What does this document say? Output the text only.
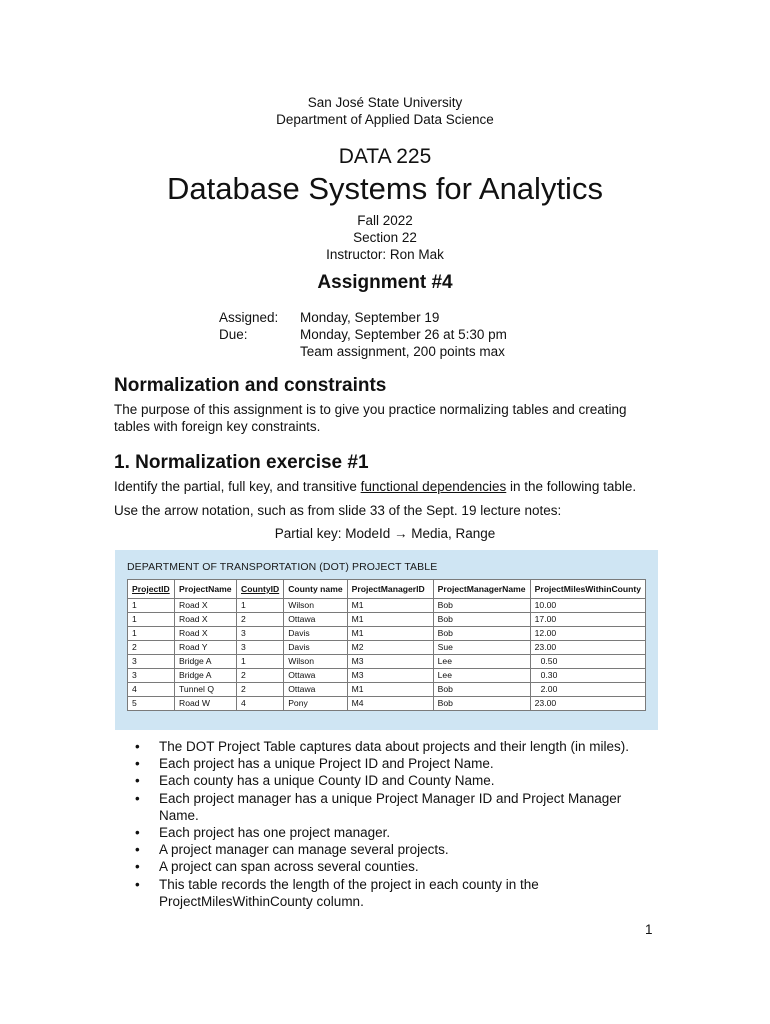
San José State University
Department of Applied Data Science
DATA 225
Database Systems for Analytics
Fall 2022
Section 22
Instructor: Ron Mak
Assignment #4
Assigned:	Monday, September 19
Due:	Monday, September 26 at 5:30 pm
Team assignment, 200 points max
Normalization and constraints
The purpose of this assignment is to give you practice normalizing tables and creating tables with foreign key constraints.
1. Normalization exercise #1
Identify the partial, full key, and transitive functional dependencies in the following table.
Use the arrow notation, such as from slide 33 of the Sept. 19 lecture notes:
Partial key: ModeId → Media, Range
DEPARTMENT OF TRANSPORTATION (DOT) PROJECT TABLE
ProjectID	ProjectName	CountyID	County name	ProjectManagerID	ProjectManagerName	ProjectMilesWithinCounty
1	Road X	1	Wilson	M1	Bob	10.00
1	Road X	2	Ottawa	M1	Bob	17.00
1	Road X	3	Davis	M1	Bob	12.00
2	Road Y	3	Davis	M2	Sue	23.00
3	Bridge A	1	Wilson	M3	Lee	0.50
3	Bridge A	2	Ottawa	M3	Lee	0.30
4	Tunnel Q	2	Ottawa	M1	Bob	2.00
5	Road W	4	Pony	M4	Bob	23.00
• The DOT Project Table captures data about projects and their length (in miles).
• Each project has a unique Project ID and Project Name.
• Each county has a unique County ID and County Name.
• Each project manager has a unique Project Manager ID and Project Manager Name.
• Each project has one project manager.
• A project manager can manage several projects.
• A project can span across several counties.
• This table records the length of the project in each county in the ProjectMilesWithinCounty column.
1
